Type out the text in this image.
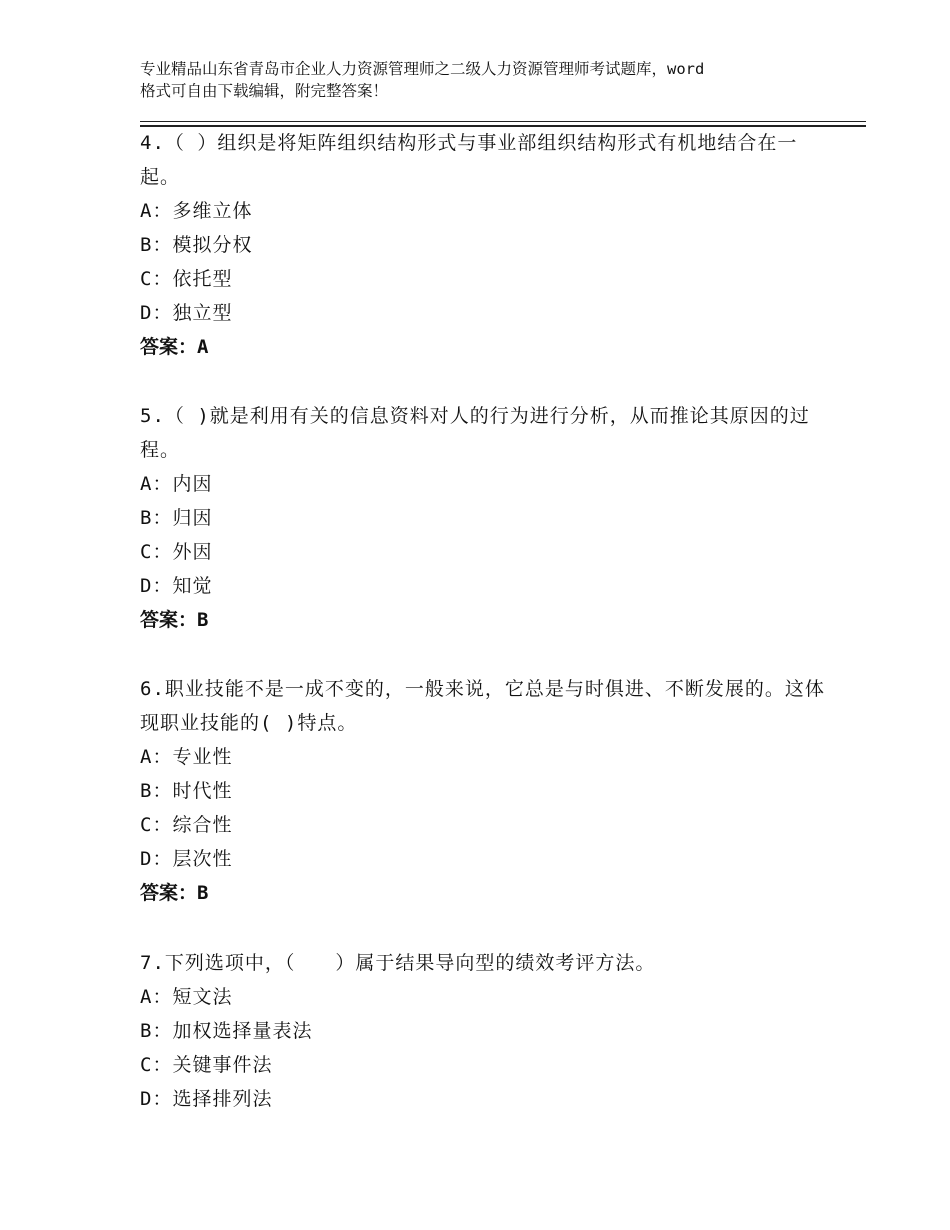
专业精品山东省青岛市企业人力资源管理师之二级人力资源管理师考试题库，word
格式可自由下载编辑，附完整答案！

4.（ ）组织是将矩阵组织结构形式与事业部组织结构形式有机地结合在一起。

A：多维立体

B：模拟分权

C：依托型

D：独立型

答案：A

5.（ )就是利用有关的信息资料对人的行为进行分析，从而推论其原因的过程。

A：内因

B：归因

C：外因

D：知觉

答案：B

6.职业技能不是一成不变的，一般来说，它总是与时俱进、不断发展的。这体现职业技能的( )特点。

A：专业性

B：时代性

C：综合性

D：层次性

答案：B

7.下列选项中，（　　）属于结果导向型的绩效考评方法。

A：短文法

B：加权选择量表法

C：关键事件法

D：选择排列法
